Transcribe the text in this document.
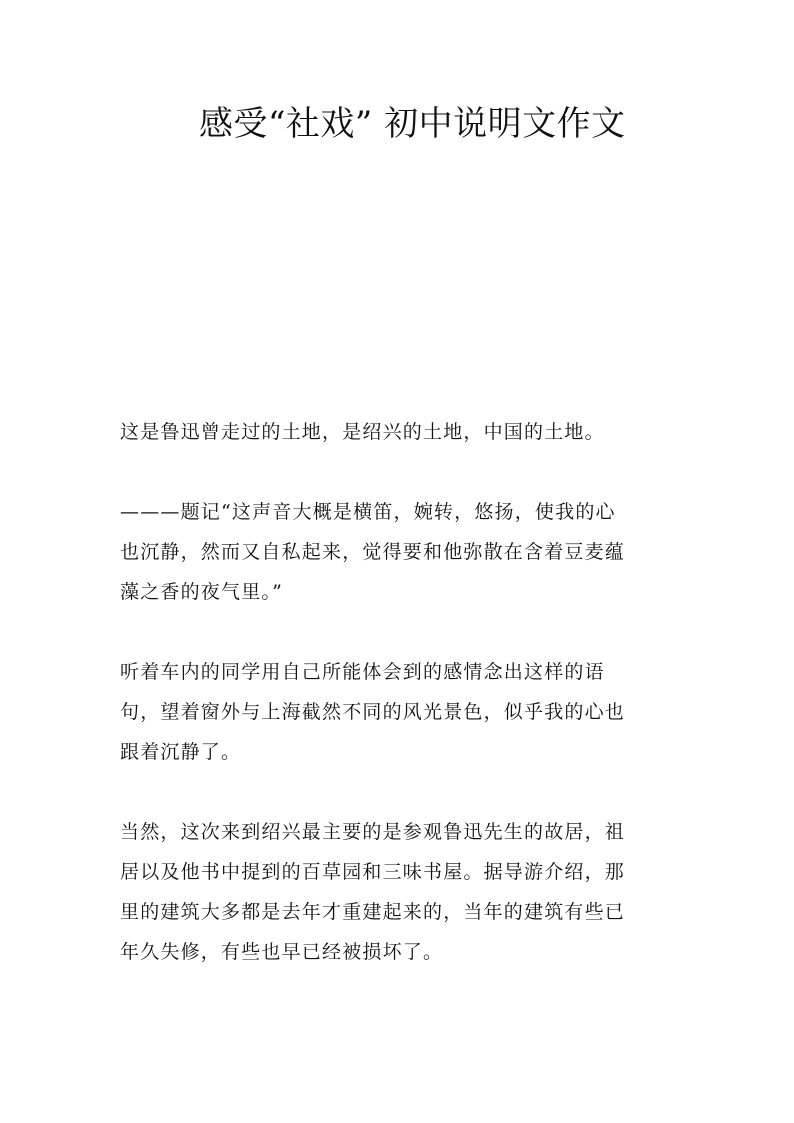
感受“社戏” 初中说明文作文

这是鲁迅曾走过的土地，是绍兴的土地，中国的土地。

———题记“这声音大概是横笛，婉转，悠扬，使我的心
也沉静，然而又自私起来，觉得要和他弥散在含着豆麦蕴
藻之香的夜气里。”

听着车内的同学用自己所能体会到的感情念出这样的语
句，望着窗外与上海截然不同的风光景色，似乎我的心也
跟着沉静了。

当然，这次来到绍兴最主要的是参观鲁迅先生的故居，祖
居以及他书中提到的百草园和三味书屋。据导游介绍，那
里的建筑大多都是去年才重建起来的，当年的建筑有些已
年久失修，有些也早已经被损坏了。
